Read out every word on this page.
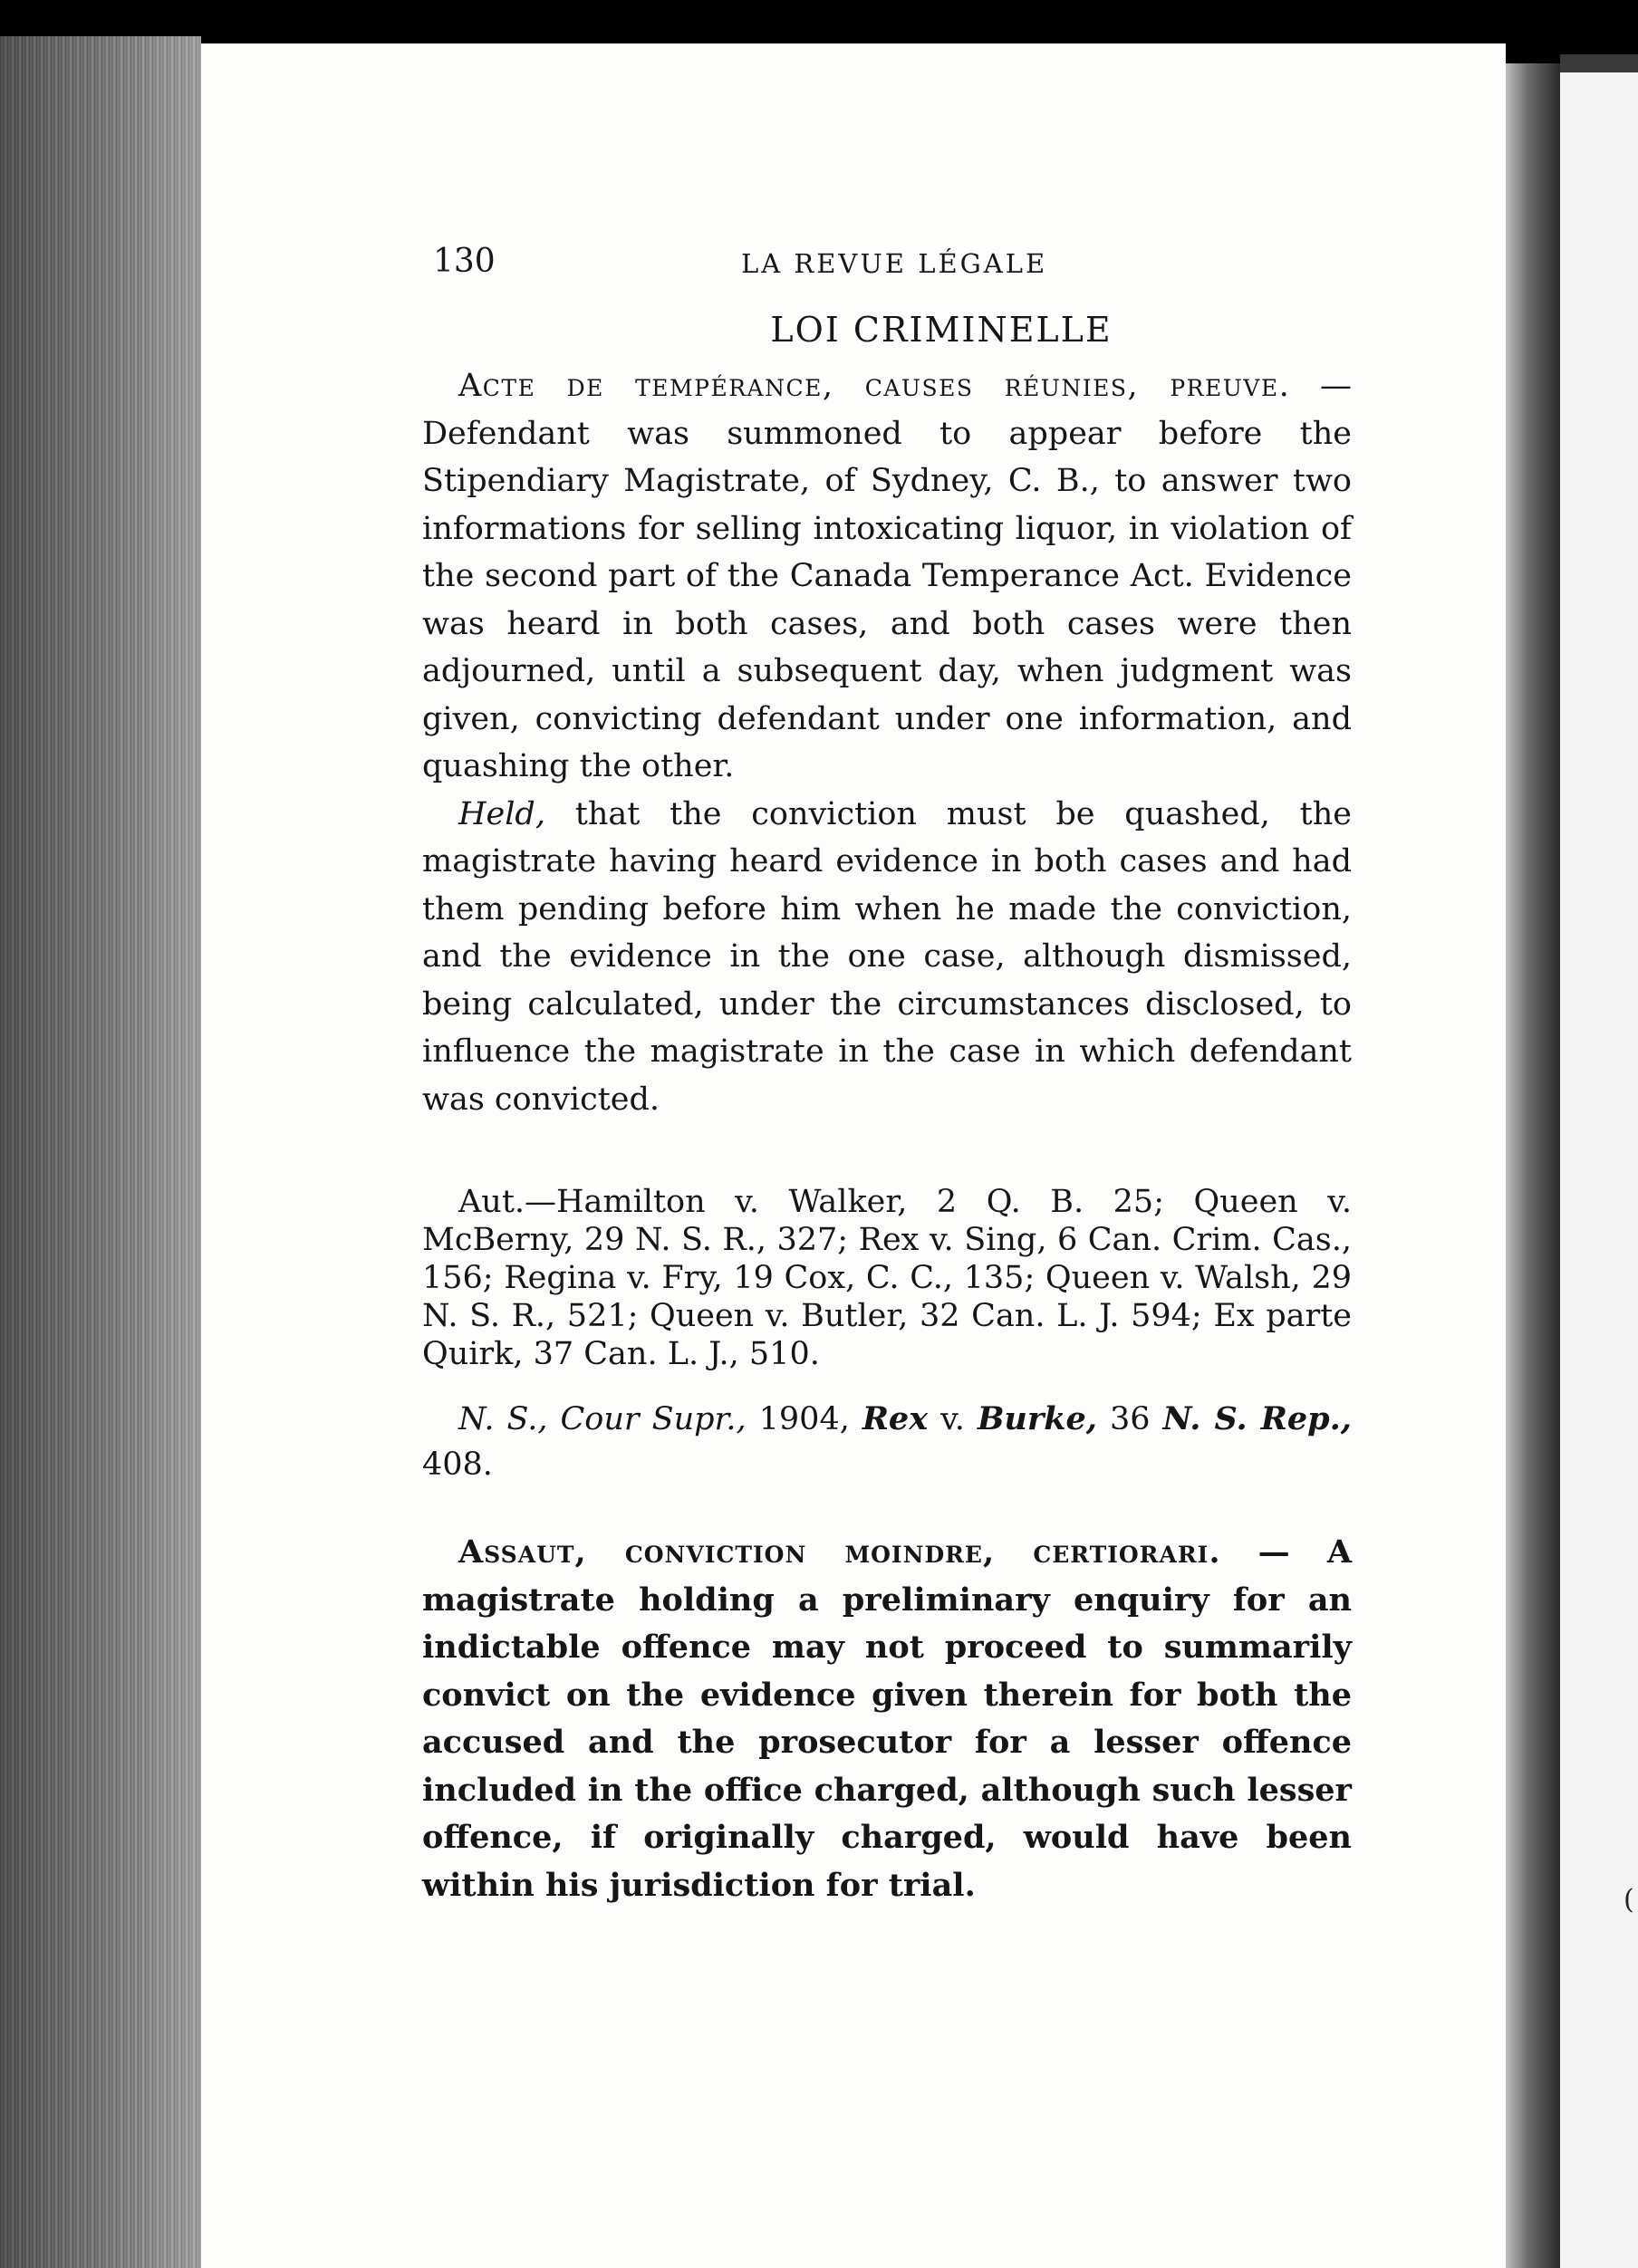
130	LA REVUE LÉGALE
LOI CRIMINELLE

Acte de tempérance, causes réunies, preuve. — Defendant was summoned to appear before the Stipendiary Magistrate, of Sydney, C. B., to answer two informations for selling intoxicating liquor, in violation of the second part of the Canada Temperance Act. Evidence was heard in both cases, and both cases were then adjourned, until a subsequent day, when judgment was given, convicting defendant under one information, and quashing the other.

Held, that the conviction must be quashed, the magistrate having heard evidence in both cases and had them pending before him when he made the conviction, and the evidence in the one case, although dismissed, being calculated, under the circumstances disclosed, to influence the magistrate in the case in which defendant was convicted.

Aut.—Hamilton v. Walker, 2 Q. B. 25; Queen v. McBerny, 29 N. S. R., 327; Rex v. Sing, 6 Can. Crim. Cas., 156; Regina v. Fry, 19 Cox, C. C., 135; Queen v. Walsh, 29 N. S. R., 521; Queen v. Butler, 32 Can. L. J. 594; Ex parte Quirk, 37 Can. L. J., 510.

N. S., Cour Supr., 1904, Rex v. Burke, 36 N. S. Rep., 408.

Assaut, conviction moindre, certiorari. — A magistrate holding a preliminary enquiry for an indictable offence may not proceed to summarily convict on the evidence given therein for both the accused and the prosecutor for a lesser offence included in the office charged, although such lesser offence, if originally charged, would have been within his jurisdiction for trial.	(
